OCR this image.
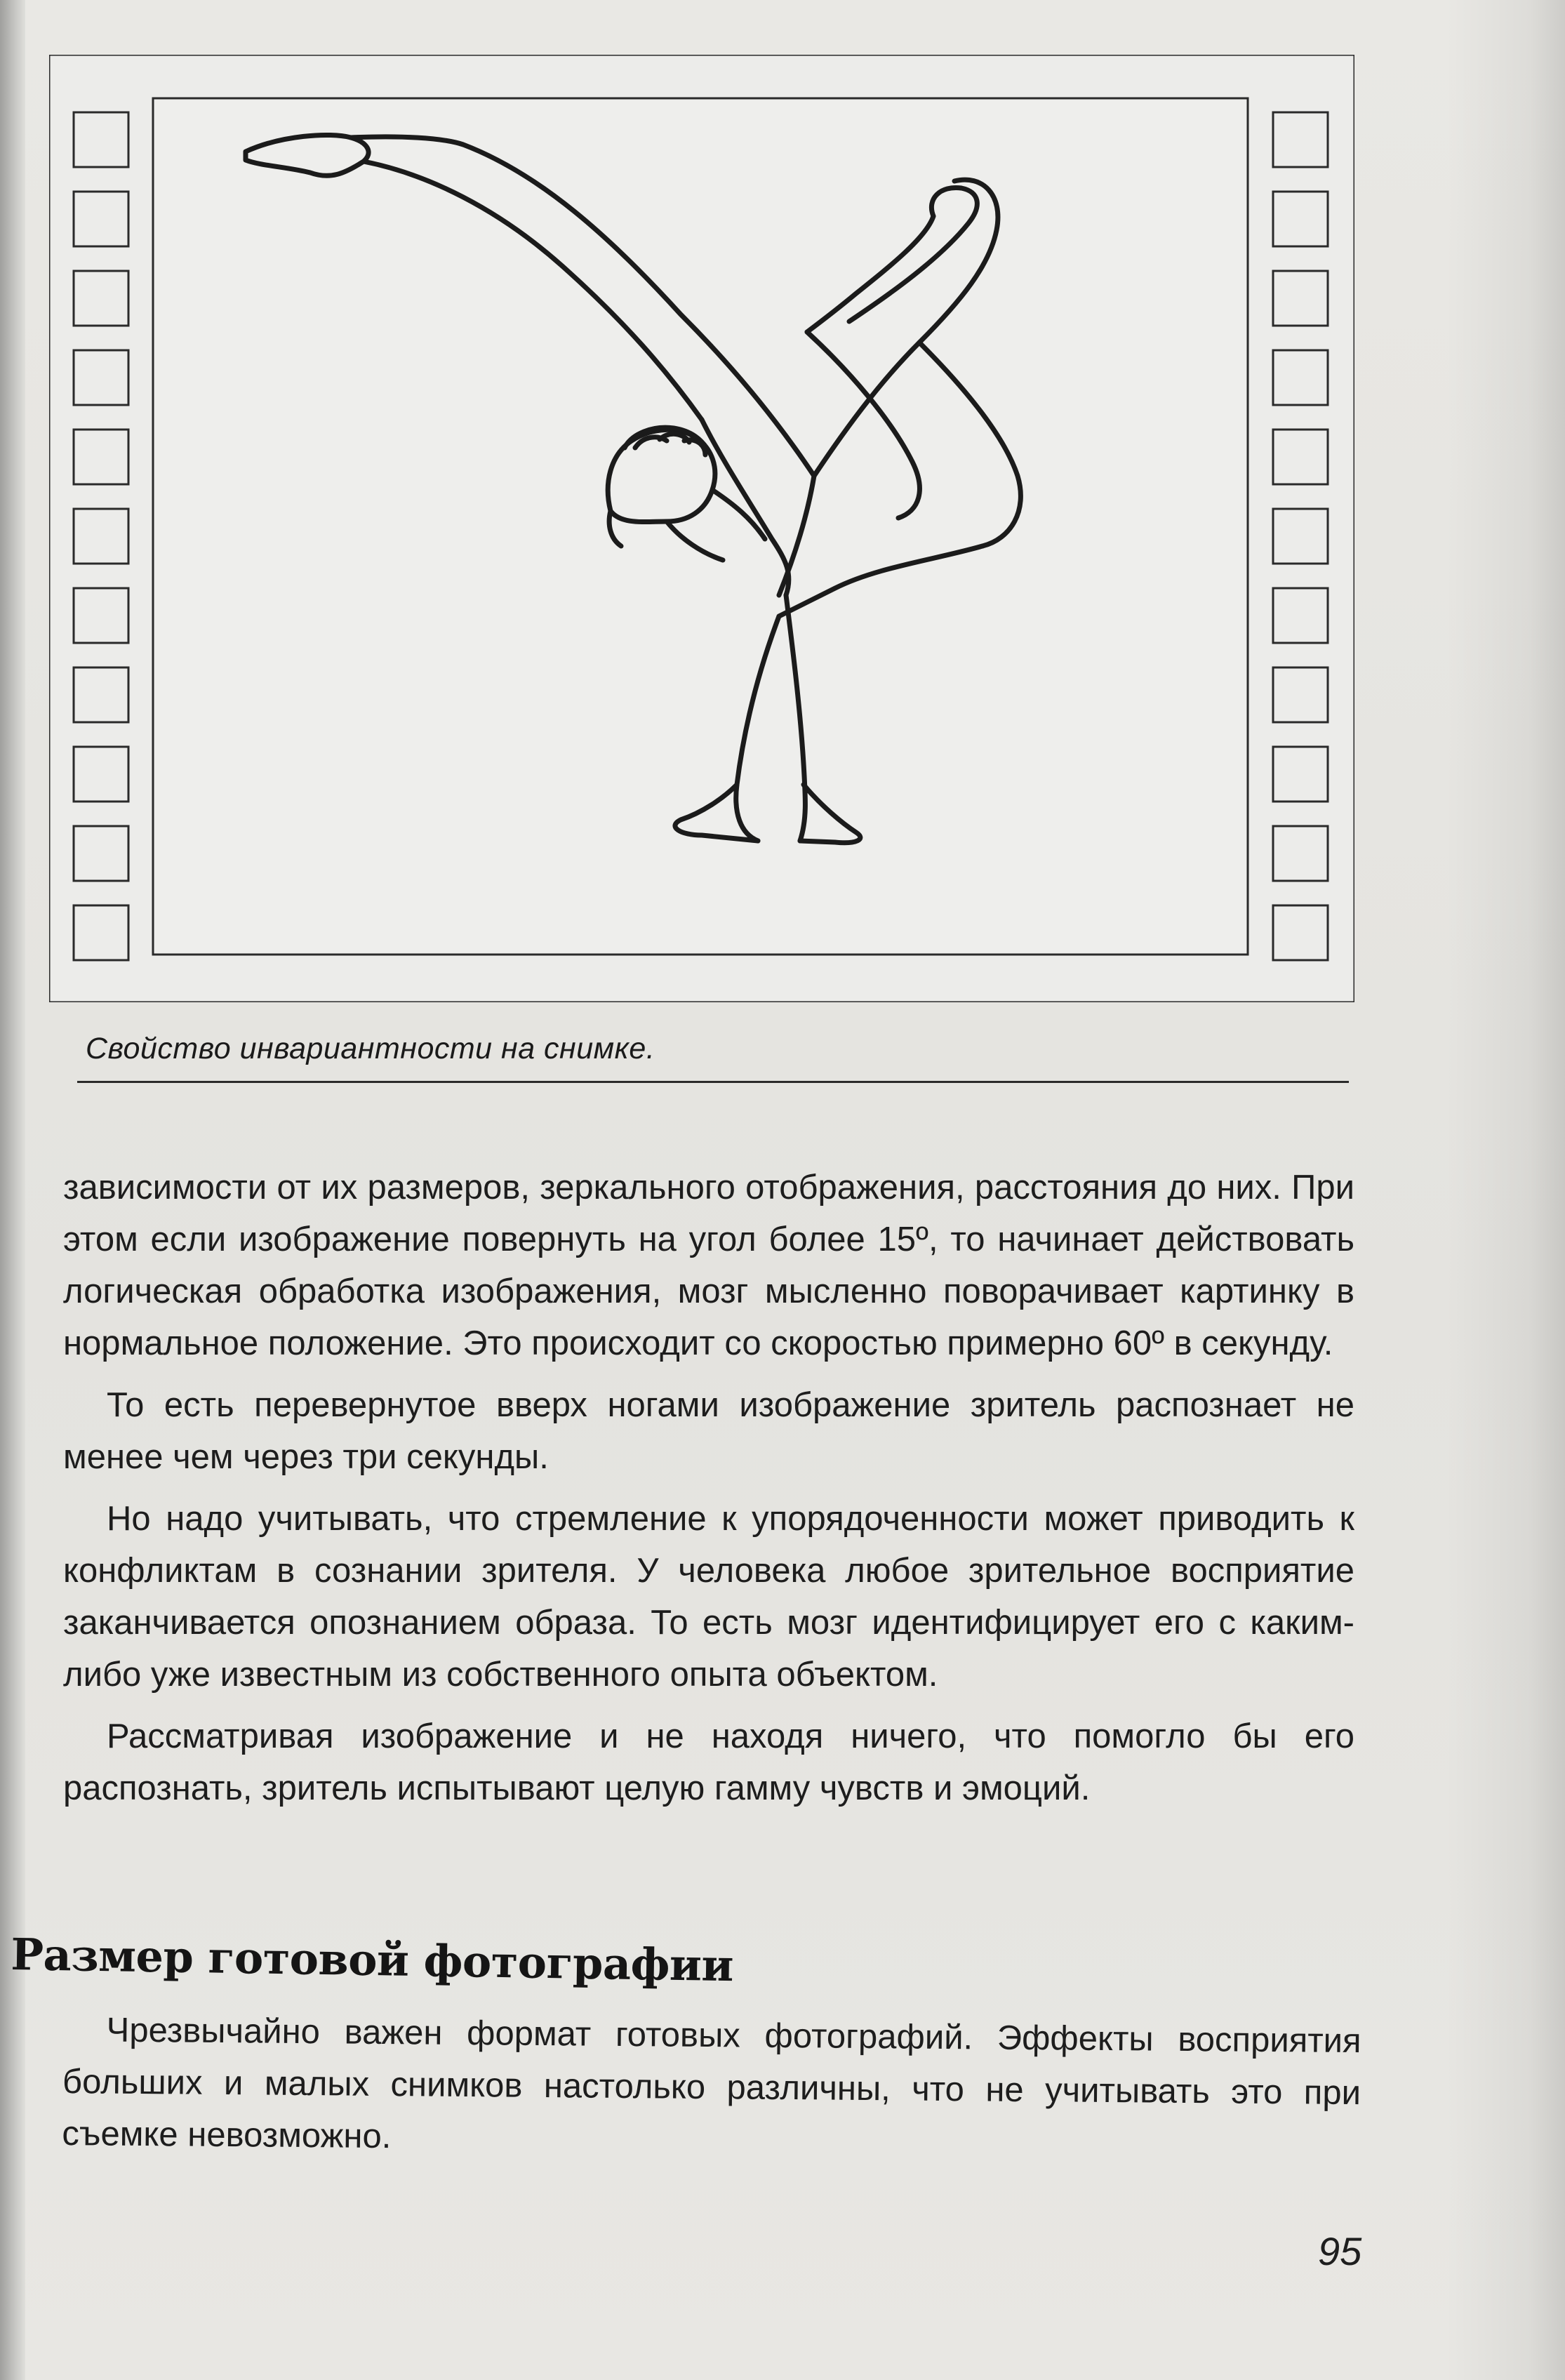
Свойство инвариантности на снимке.

зависимости от их размеров, зеркального отображения, расстояния до них. При этом если изображение повернуть на угол более 15º, то начинает действовать логическая обработка изображения, мозг мысленно поворачивает картинку в нормальное положение. Это происходит со скоростью примерно 60º в секунду.

То есть перевернутое вверх ногами изображение зритель распознает не менее чем через три секунды.

Но надо учитывать, что стремление к упорядоченности может приводить к конфликтам в сознании зрителя. У человека любое зрительное восприятие заканчивается опознанием образа. То есть мозг идентифицирует его с каким-либо уже известным из собственного опыта объектом.

Рассматривая изображение и не находя ничего, что помогло бы его распознать, зритель испытывают целую гамму чувств и эмоций.

Размер готовой фотографии

Чрезвычайно важен формат готовых фотографий. Эффекты восприятия больших и малых снимков настолько различны, что не учитывать это при съемке невозможно.

95
